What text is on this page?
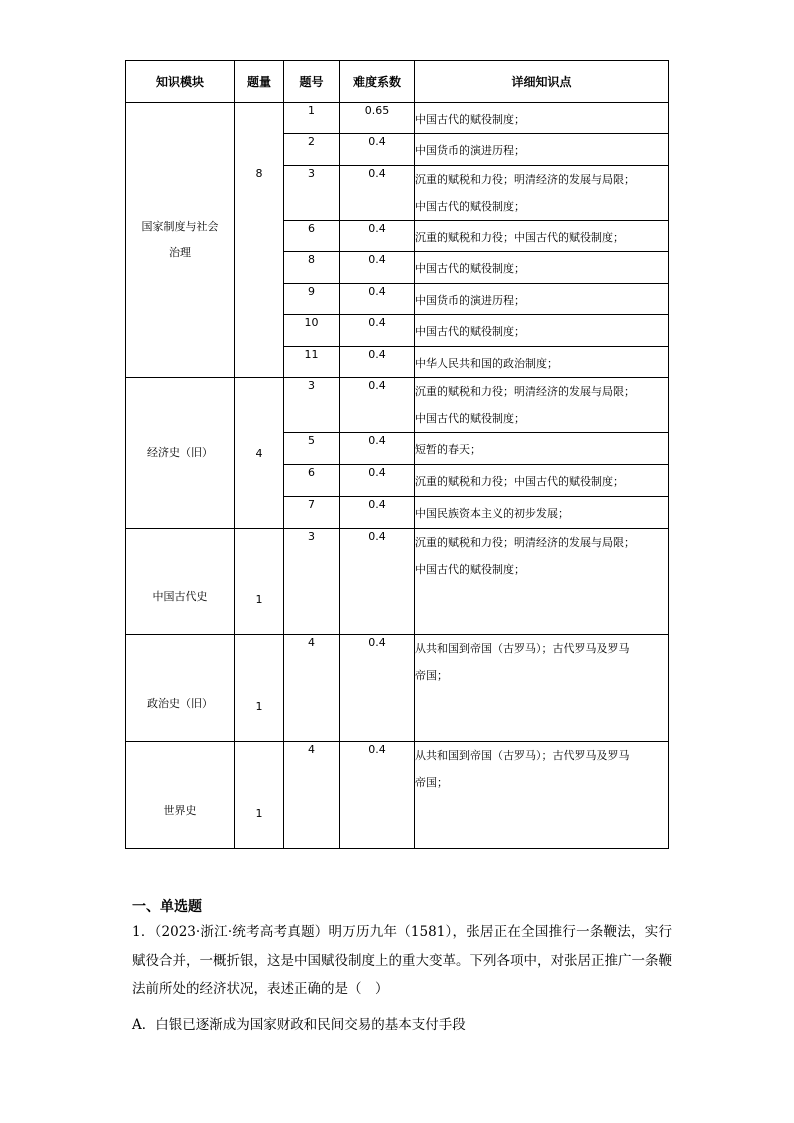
知识模块	题量	题号	难度系数	详细知识点

国家制度与社会
治理	8	1	0.65	中国古代的赋役制度；

		2	0.4	中国货币的演进历程；

		3	0.4	沉重的赋税和力役；明清经济的发展与局限；
中国古代的赋役制度；

		6	0.4	沉重的赋税和力役；中国古代的赋役制度；

		8	0.4	中国古代的赋役制度；

		9	0.4	中国货币的演进历程；

		10	0.4	中国古代的赋役制度；

		11	0.4	中华人民共和国的政治制度；

经济史（旧）	4	3	0.4	沉重的赋税和力役；明清经济的发展与局限；
中国古代的赋役制度；

		5	0.4	短暂的春天；

		6	0.4	沉重的赋税和力役；中国古代的赋役制度；

		7	0.4	中国民族资本主义的初步发展；

中国古代史	1	3	0.4	沉重的赋税和力役；明清经济的发展与局限；
中国古代的赋役制度；

政治史（旧）	1	4	0.4	从共和国到帝国（古罗马）；古代罗马及罗马
帝国；

世界史	1	4	0.4	从共和国到帝国（古罗马）；古代罗马及罗马
帝国；
一、单选题
1．（2023·浙江·统考高考真题）明万历九年（1581），张居正在全国推行一条鞭法，实行赋役合并，一概折银，这是中国赋役制度上的重大变革。下列各项中，对张居正推广一条鞭法前所处的经济状况，表述正确的是（　）
A．白银已逐渐成为国家财政和民间交易的基本支付手段
